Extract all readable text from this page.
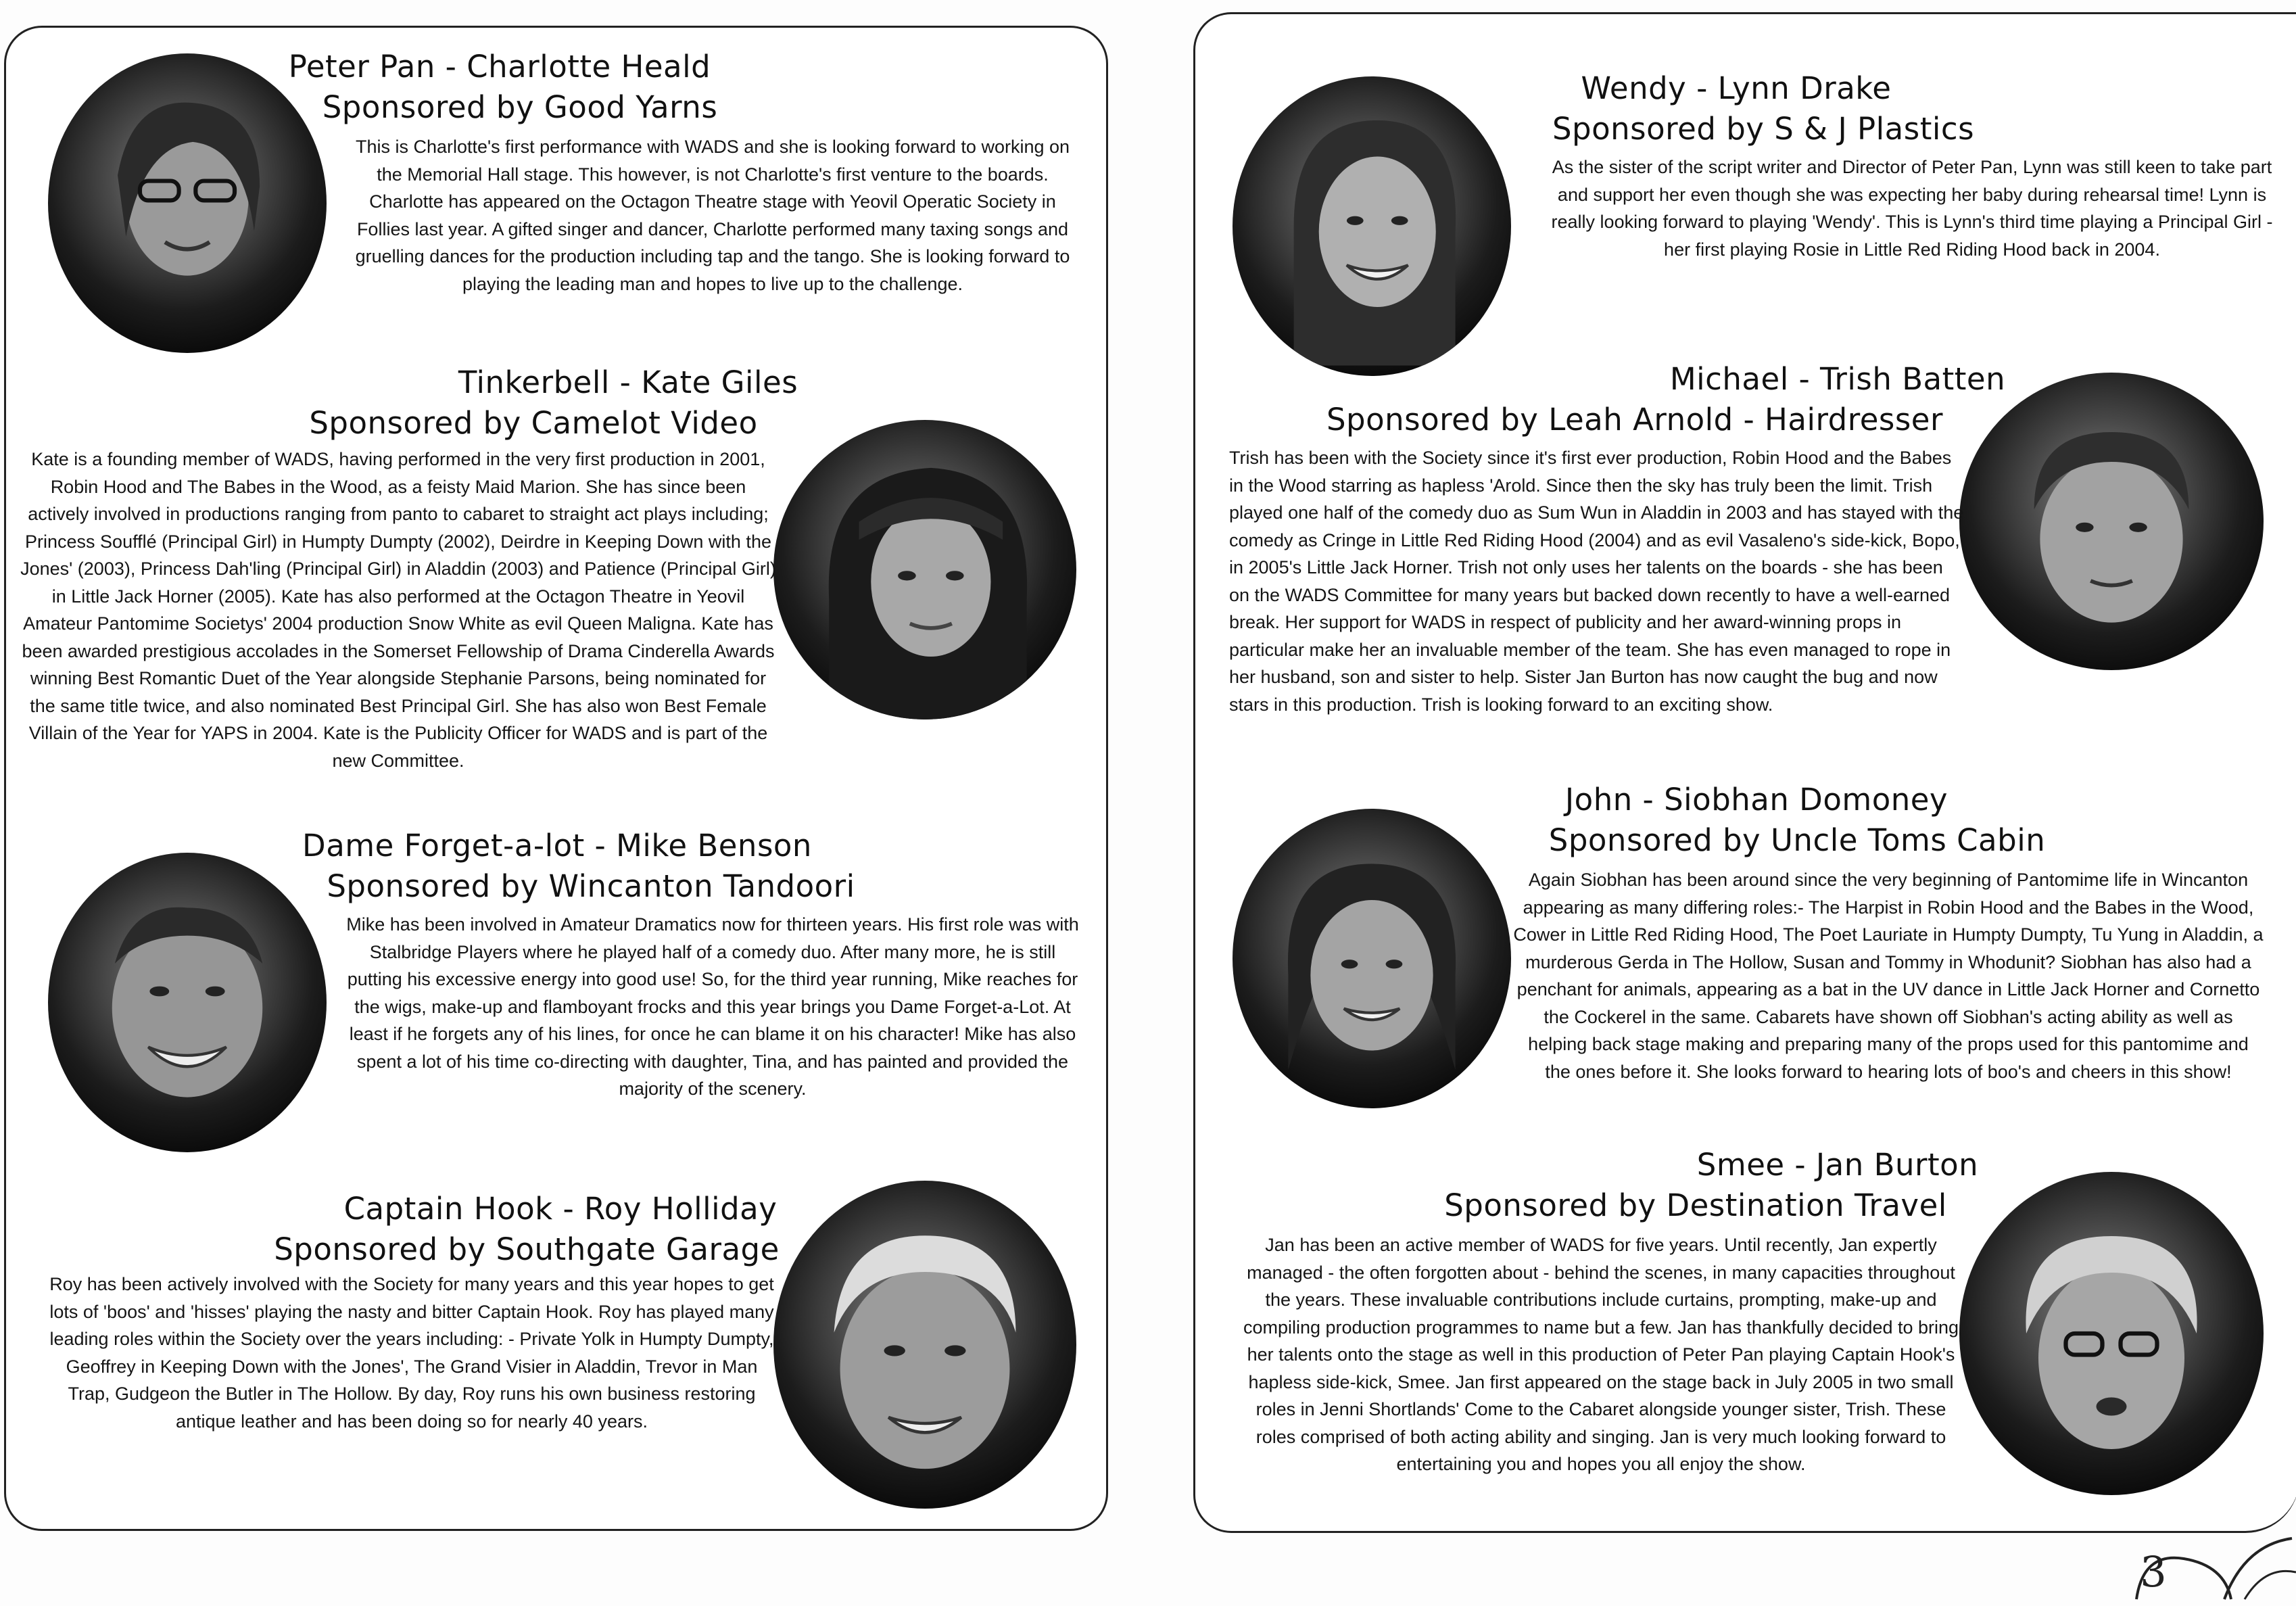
Peter Pan - Charlotte Heald
Sponsored by Good Yarns

This is Charlotte's first performance with WADS and she is looking forward to working on the Memorial Hall stage. This however, is not Charlotte's first venture to the boards. Charlotte has appeared on the Octagon Theatre stage with Yeovil Operatic Society in Follies last year. A gifted singer and dancer, Charlotte performed many taxing songs and gruelling dances for the production including tap and the tango. She is looking forward to playing the leading man and hopes to live up to the challenge.

Tinkerbell - Kate Giles
Sponsored by Camelot Video

Kate is a founding member of WADS, having performed in the very first production in 2001, Robin Hood and The Babes in the Wood, as a feisty Maid Marion. She has since been actively involved in productions ranging from panto to cabaret to straight act plays including; Princess Soufflé (Principal Girl) in Humpty Dumpty (2002), Deirdre in Keeping Down with the Jones' (2003), Princess Dah'ling (Principal Girl) in Aladdin (2003) and Patience (Principal Girl) in Little Jack Horner (2005). Kate has also performed at the Octagon Theatre in Yeovil Amateur Pantomime Societys' 2004 production Snow White as evil Queen Maligna. Kate has been awarded prestigious accolades in the Somerset Fellowship of Drama Cinderella Awards winning Best Romantic Duet of the Year alongside Stephanie Parsons, being nominated for the same title twice, and also nominated Best Principal Girl. She has also won Best Female Villain of the Year for YAPS in 2004. Kate is the Publicity Officer for WADS and is part of the new Committee.

Dame Forget-a-lot - Mike Benson
Sponsored by Wincanton Tandoori

Mike has been involved in Amateur Dramatics now for thirteen years. His first role was with Stalbridge Players where he played half of a comedy duo. After many more, he is still putting his excessive energy into good use! So, for the third year running, Mike reaches for the wigs, make-up and flamboyant frocks and this year brings you Dame Forget-a-Lot. At least if he forgets any of his lines, for once he can blame it on his character! Mike has also spent a lot of his time co-directing with daughter, Tina, and has painted and provided the majority of the scenery.

Captain Hook - Roy Holliday
Sponsored by Southgate Garage

Roy has been actively involved with the Society for many years and this year hopes to get lots of 'boos' and 'hisses' playing the nasty and bitter Captain Hook. Roy has played many leading roles within the Society over the years including: - Private Yolk in Humpty Dumpty, Geoffrey in Keeping Down with the Jones', The Grand Visier in Aladdin, Trevor in Man Trap, Gudgeon the Butler in The Hollow. By day, Roy runs his own business restoring antique leather and has been doing so for nearly 40 years.

Wendy - Lynn Drake
Sponsored by S & J Plastics

As the sister of the script writer and Director of Peter Pan, Lynn was still keen to take part and support her even though she was expecting her baby during rehearsal time! Lynn is really looking forward to playing 'Wendy'. This is Lynn's third time playing a Principal Girl - her first playing Rosie in Little Red Riding Hood back in 2004.

Michael - Trish Batten
Sponsored by Leah Arnold - Hairdresser

Trish has been with the Society since it's first ever production, Robin Hood and the Babes in the Wood starring as hapless 'Arold. Since then the sky has truly been the limit. Trish played one half of the comedy duo as Sum Wun in Aladdin in 2003 and has stayed with the comedy as Cringe in Little Red Riding Hood (2004) and as evil Vasaleno's side-kick, Bopo, in 2005's Little Jack Horner. Trish not only uses her talents on the boards - she has been on the WADS Committee for many years but backed down recently to have a well-earned break. Her support for WADS in respect of publicity and her award-winning props in particular make her an invaluable member of the team. She has even managed to rope in her husband, son and sister to help. Sister Jan Burton has now caught the bug and now stars in this production. Trish is looking forward to an exciting show.

John - Siobhan Domoney
Sponsored by Uncle Toms Cabin

Again Siobhan has been around since the very beginning of Pantomime life in Wincanton appearing as many differing roles:- The Harpist in Robin Hood and the Babes in the Wood, Cower in Little Red Riding Hood, The Poet Lauriate in Humpty Dumpty, Tu Yung in Aladdin, a murderous Gerda in The Hollow, Susan and Tommy in Whodunit? Siobhan has also had a penchant for animals, appearing as a bat in the UV dance in Little Jack Horner and Cornetto the Cockerel in the same. Cabarets have shown off Siobhan's acting ability as well as helping back stage making and preparing many of the props used for this pantomime and the ones before it. She looks forward to hearing lots of boo's and cheers in this show!

Smee - Jan Burton
Sponsored by Destination Travel

Jan has been an active member of WADS for five years. Until recently, Jan expertly managed - the often forgotten about - behind the scenes, in many capacities throughout the years. These invaluable contributions include curtains, prompting, make-up and compiling production programmes to name but a few. Jan has thankfully decided to bring her talents onto the stage as well in this production of Peter Pan playing Captain Hook's hapless side-kick, Smee. Jan first appeared on the stage back in July 2005 in two small roles in Jenni Shortlands' Come to the Cabaret alongside younger sister, Trish. These roles comprised of both acting ability and singing. Jan is very much looking forward to entertaining you and hopes you all enjoy the show.

3
